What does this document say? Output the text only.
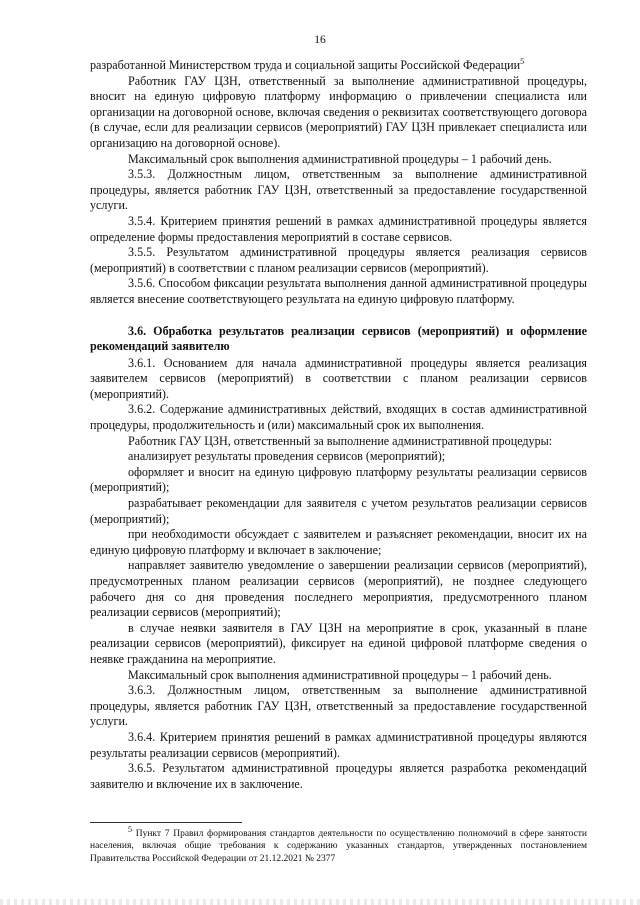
16

разработанной Министерством труда и социальной защиты Российской Федерации$^5$

Работник ГАУ ЦЗН, ответственный за выполнение административной процедуры, вносит на единую цифровую платформу информацию о привлечении специалиста или организации на договорной основе, включая сведения о реквизитах соответствующего договора (в случае, если для реализации сервисов (мероприятий) ГАУ ЦЗН привлекает специалиста или организацию на договорной основе).

Максимальный срок выполнения административной процедуры – 1 рабочий день.

3.5.3. Должностным лицом, ответственным за выполнение административной процедуры, является работник ГАУ ЦЗН, ответственный за предоставление государственной услуги.

3.5.4. Критерием принятия решений в рамках административной процедуры является определение формы предоставления мероприятий в составе сервисов.

3.5.5. Результатом административной процедуры является реализация сервисов (мероприятий) в соответствии с планом реализации сервисов (мероприятий).

3.5.6. Способом фиксации результата выполнения данной административной процедуры является внесение соответствующего результата на единую цифровую платформу.

3.6. Обработка результатов реализации сервисов (мероприятий) и оформление рекомендаций заявителю

3.6.1. Основанием для начала административной процедуры является реализация заявителем сервисов (мероприятий) в соответствии с планом реализации сервисов (мероприятий).

3.6.2. Содержание административных действий, входящих в состав административной процедуры, продолжительность и (или) максимальный срок их выполнения.

Работник ГАУ ЦЗН, ответственный за выполнение административной процедуры:

анализирует результаты проведения сервисов (мероприятий);

оформляет и вносит на единую цифровую платформу результаты реализации сервисов (мероприятий);

разрабатывает рекомендации для заявителя с учетом результатов реализации сервисов (мероприятий);

при необходимости обсуждает с заявителем и разъясняет рекомендации, вносит их на единую цифровую платформу и включает в заключение;

направляет заявителю уведомление о завершении реализации сервисов (мероприятий), предусмотренных планом реализации сервисов (мероприятий), не позднее следующего рабочего дня со дня проведения последнего мероприятия, предусмотренного планом реализации сервисов (мероприятий);

в случае неявки заявителя в ГАУ ЦЗН на мероприятие в срок, указанный в плане реализации сервисов (мероприятий), фиксирует на единой цифровой платформе сведения о неявке гражданина на мероприятие.

Максимальный срок выполнения административной процедуры – 1 рабочий день.

3.6.3. Должностным лицом, ответственным за выполнение административной процедуры, является работник ГАУ ЦЗН, ответственный за предоставление государственной услуги.

3.6.4. Критерием принятия решений в рамках административной процедуры являются результаты реализации сервисов (мероприятий).

3.6.5. Результатом административной процедуры является разработка рекомендаций заявителю и включение их в заключение.

$^5$ Пункт 7 Правил формирования стандартов деятельности по осуществлению полномочий в сфере занятости населения, включая общие требования к содержанию указанных стандартов, утвержденных постановлением Правительства Российской Федерации от 21.12.2021 № 2377
